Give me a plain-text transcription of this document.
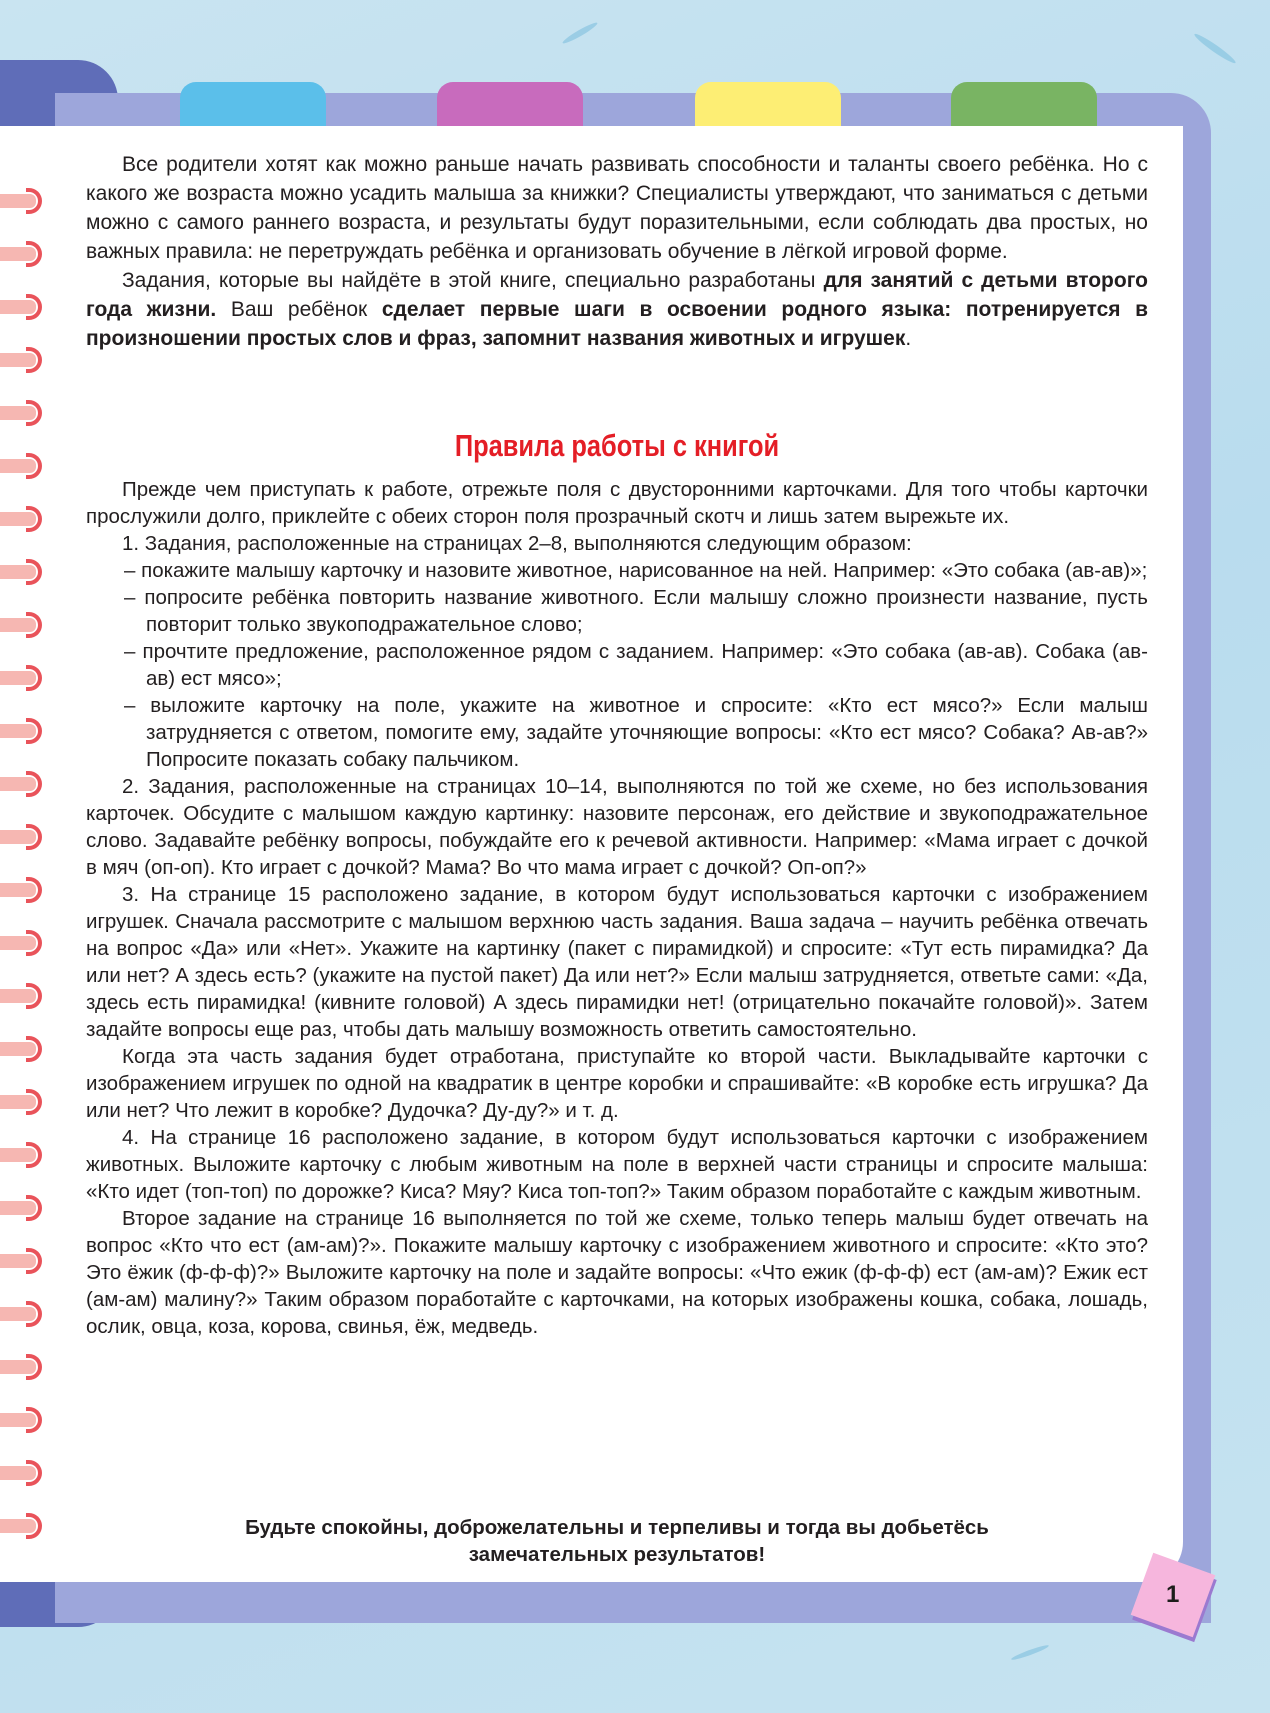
Все родители хотят как можно раньше начать развивать способности и таланты своего ребёнка. Но с какого же возраста можно усадить малыша за книжки? Специалисты утверждают, что заниматься с детьми можно с самого раннего возраста, и результаты будут поразительными, если соблюдать два простых, но важных правила: не перетруждать ребёнка и организовать обучение в лёгкой игровой форме.

Задания, которые вы найдёте в этой книге, специально разработаны для занятий с детьми второго года жизни. Ваш ребёнок сделает первые шаги в освоении родного языка: потренируется в произношении простых слов и фраз, запомнит названия животных и игрушек.

Правила работы с книгой

Прежде чем приступать к работе, отрежьте поля с двусторонними карточками. Для того чтобы карточки прослужили долго, приклейте с обеих сторон поля прозрачный скотч и лишь затем вырежьте их.

1. Задания, расположенные на страницах 2–8, выполняются следующим образом:

– покажите малышу карточку и назовите животное, нарисованное на ней. Например: «Это собака (ав-ав)»;

– попросите ребёнка повторить название животного. Если малышу сложно произнести название, пусть повторит только звукоподражательное слово;

– прочтите предложение, расположенное рядом с заданием. Например: «Это собака (ав-ав). Собака (ав-ав) ест мясо»;

– выложите карточку на поле, укажите на животное и спросите: «Кто ест мясо?» Если малыш затрудняется с ответом, помогите ему, задайте уточняющие вопросы: «Кто ест мясо? Собака? Ав-ав?» Попросите показать собаку пальчиком.

2. Задания, расположенные на страницах 10–14, выполняются по той же схеме, но без использования карточек. Обсудите с малышом каждую картинку: назовите персонаж, его действие и звукоподражательное слово. Задавайте ребёнку вопросы, побуждайте его к речевой активности. Например: «Мама играет с дочкой в мяч (оп-оп). Кто играет с дочкой? Мама? Во что мама играет с дочкой? Оп-оп?»

3. На странице 15 расположено задание, в котором будут использоваться карточки с изображением игрушек. Сначала рассмотрите с малышом верхнюю часть задания. Ваша задача – научить ребёнка отвечать на вопрос «Да» или «Нет». Укажите на картинку (пакет с пирамидкой) и спросите: «Тут есть пирамидка? Да или нет? А здесь есть? (укажите на пустой пакет) Да или нет?» Если малыш затрудняется, ответьте сами: «Да, здесь есть пирамидка! (кивните головой) А здесь пирамидки нет! (отрицательно покачайте головой)». Затем задайте вопросы еще раз, чтобы дать малышу возможность ответить самостоятельно.

Когда эта часть задания будет отработана, приступайте ко второй части. Выкладывайте карточки с изображением игрушек по одной на квадратик в центре коробки и спрашивайте: «В коробке есть игрушка? Да или нет? Что лежит в коробке? Дудочка? Ду-ду?» и т. д.

4. На странице 16 расположено задание, в котором будут использоваться карточки с изображением животных. Выложите карточку с любым животным на поле в верхней части страницы и спросите малыша: «Кто идет (топ-топ) по дорожке? Киса? Мяу? Киса топ-топ?» Таким образом поработайте с каждым животным.

Второе задание на странице 16 выполняется по той же схеме, только теперь малыш будет отвечать на вопрос «Кто что ест (ам-ам)?». Покажите малышу карточку с изображением животного и спросите: «Кто это? Это ёжик (ф-ф-ф)?» Выложите карточку на поле и задайте вопросы: «Что ежик (ф-ф-ф) ест (ам-ам)? Ежик ест (ам-ам) малину?» Таким образом поработайте с карточками, на которых изображены кошка, собака, лошадь, ослик, овца, коза, корова, свинья, ёж, медведь.

Будьте спокойны, доброжелательны и терпеливы и тогда вы добьетёсь
замечательных результатов!
1
